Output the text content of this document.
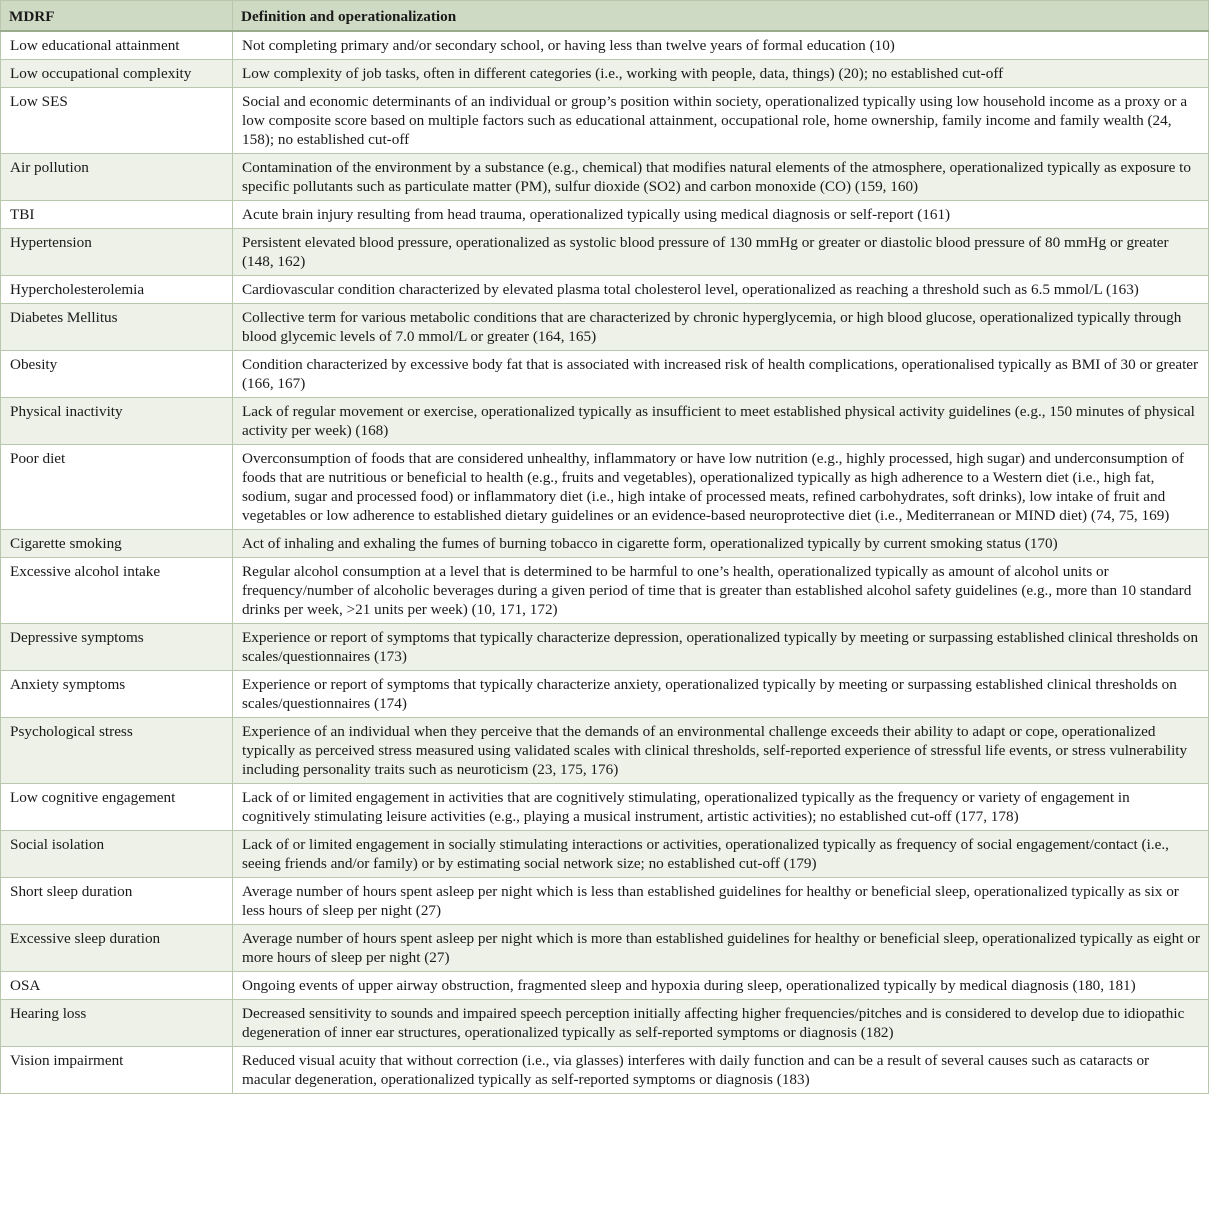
MDRF	Definition and operationalization
Low educational attainment	Not completing primary and/or secondary school, or having less than twelve years of formal education (10)
Low occupational complexity	Low complexity of job tasks, often in different categories (i.e., working with people, data, things) (20); no established cut-off
Low SES	Social and economic determinants of an individual or group’s position within society, operationalized typically using low household income as a proxy or a low composite score based on multiple factors such as educational attainment, occupational role, home ownership, family income and family wealth (24, 158); no established cut-off
Air pollution	Contamination of the environment by a substance (e.g., chemical) that modifies natural elements of the atmosphere, operationalized typically as exposure to specific pollutants such as particulate matter (PM), sulfur dioxide (SO2) and carbon monoxide (CO) (159, 160)
TBI	Acute brain injury resulting from head trauma, operationalized typically using medical diagnosis or self-report (161)
Hypertension	Persistent elevated blood pressure, operationalized as systolic blood pressure of 130 mmHg or greater or diastolic blood pressure of 80 mmHg or greater (148, 162)
Hypercholesterolemia	Cardiovascular condition characterized by elevated plasma total cholesterol level, operationalized as reaching a threshold such as 6.5 mmol/L (163)
Diabetes Mellitus	Collective term for various metabolic conditions that are characterized by chronic hyperglycemia, or high blood glucose, operationalized typically through blood glycemic levels of 7.0 mmol/L or greater (164, 165)
Obesity	Condition characterized by excessive body fat that is associated with increased risk of health complications, operationalised typically as BMI of 30 or greater (166, 167)
Physical inactivity	Lack of regular movement or exercise, operationalized typically as insufficient to meet established physical activity guidelines (e.g., 150 minutes of physical activity per week) (168)
Poor diet	Overconsumption of foods that are considered unhealthy, inflammatory or have low nutrition (e.g., highly processed, high sugar) and underconsumption of foods that are nutritious or beneficial to health (e.g., fruits and vegetables), operationalized typically as high adherence to a Western diet (i.e., high fat, sodium, sugar and processed food) or inflammatory diet (i.e., high intake of processed meats, refined carbohydrates, soft drinks), low intake of fruit and vegetables or low adherence to established dietary guidelines or an evidence-based neuroprotective diet (i.e., Mediterranean or MIND diet) (74, 75, 169)
Cigarette smoking	Act of inhaling and exhaling the fumes of burning tobacco in cigarette form, operationalized typically by current smoking status (170)
Excessive alcohol intake	Regular alcohol consumption at a level that is determined to be harmful to one’s health, operationalized typically as amount of alcohol units or frequency/number of alcoholic beverages during a given period of time that is greater than established alcohol safety guidelines (e.g., more than 10 standard drinks per week, >21 units per week) (10, 171, 172)
Depressive symptoms	Experience or report of symptoms that typically characterize depression, operationalized typically by meeting or surpassing established clinical thresholds on scales/questionnaires (173)
Anxiety symptoms	Experience or report of symptoms that typically characterize anxiety, operationalized typically by meeting or surpassing established clinical thresholds on scales/questionnaires (174)
Psychological stress	Experience of an individual when they perceive that the demands of an environmental challenge exceeds their ability to adapt or cope, operationalized typically as perceived stress measured using validated scales with clinical thresholds, self-reported experience of stressful life events, or stress vulnerability including personality traits such as neuroticism (23, 175, 176)
Low cognitive engagement	Lack of or limited engagement in activities that are cognitively stimulating, operationalized typically as the frequency or variety of engagement in cognitively stimulating leisure activities (e.g., playing a musical instrument, artistic activities); no established cut-off (177, 178)
Social isolation	Lack of or limited engagement in socially stimulating interactions or activities, operationalized typically as frequency of social engagement/contact (i.e., seeing friends and/or family) or by estimating social network size; no established cut-off (179)
Short sleep duration	Average number of hours spent asleep per night which is less than established guidelines for healthy or beneficial sleep, operationalized typically as six or less hours of sleep per night (27)
Excessive sleep duration	Average number of hours spent asleep per night which is more than established guidelines for healthy or beneficial sleep, operationalized typically as eight or more hours of sleep per night (27)
OSA	Ongoing events of upper airway obstruction, fragmented sleep and hypoxia during sleep, operationalized typically by medical diagnosis (180, 181)
Hearing loss	Decreased sensitivity to sounds and impaired speech perception initially affecting higher frequencies/pitches and is considered to develop due to idiopathic degeneration of inner ear structures, operationalized typically as self-reported symptoms or diagnosis (182)
Vision impairment	Reduced visual acuity that without correction (i.e., via glasses) interferes with daily function and can be a result of several causes such as cataracts or macular degeneration, operationalized typically as self-reported symptoms or diagnosis (183)
